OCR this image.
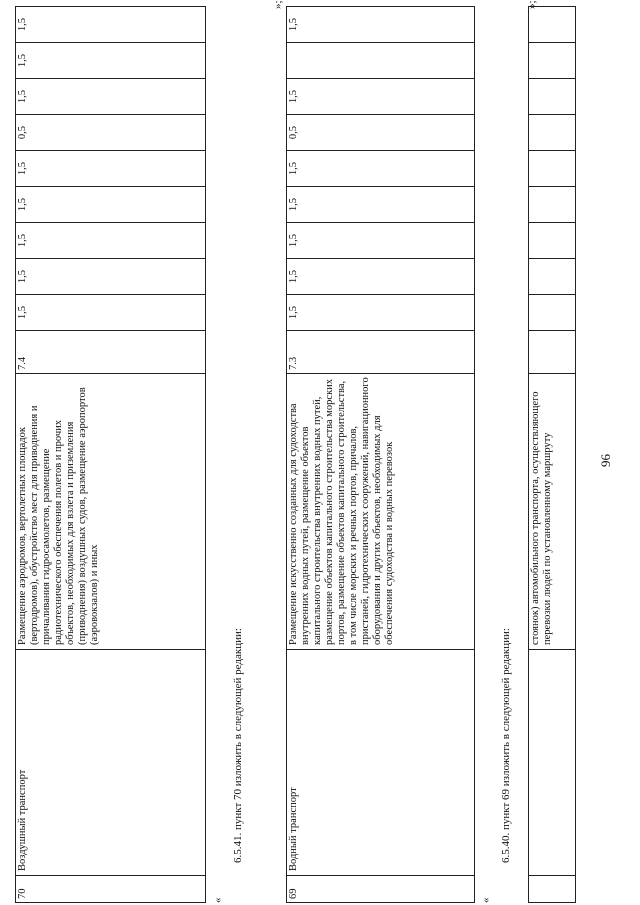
96
		стоянок) автомобильного транспорта, осуществляющего перевозки людей по установленному маршруту										
»;
6.5.40. пункт 69 изложить в следующей редакции:
«
69	Водный транспорт	Размещение искусственно созданных для судоходства внутренних водных путей, размещение объектов капитального строительства внутренних водных путей, размещение объектов капитального строительства морских портов, размещение объектов капитального строительства, в том числе морских и речных портов, причалов, пристаней, гидротехнических сооружений, навигационного оборудования и других объектов, необходимых для обеспечения судоходства и водных перевозок	7.3	1,5	1,5	1,5	1,5	1,5	0,5	1,5		1,5
»;
6.5.41. пункт 70 изложить в следующей редакции:
«
70	Воздушный транспорт	Размещение аэродромов, вертолетных площадок (вертодромов), обустройство мест для приводнения и причаливания гидросамолетов, размещение радиотехнического обеспечения полетов и прочих объектов, необходимых для взлета и приземления (приводнения) воздушных судов, размещение аэропортов (аэровокзалов) и иных	7.4	1,5	1,5	1,5	1,5	1,5	0,5	1,5	1,5	1,5
